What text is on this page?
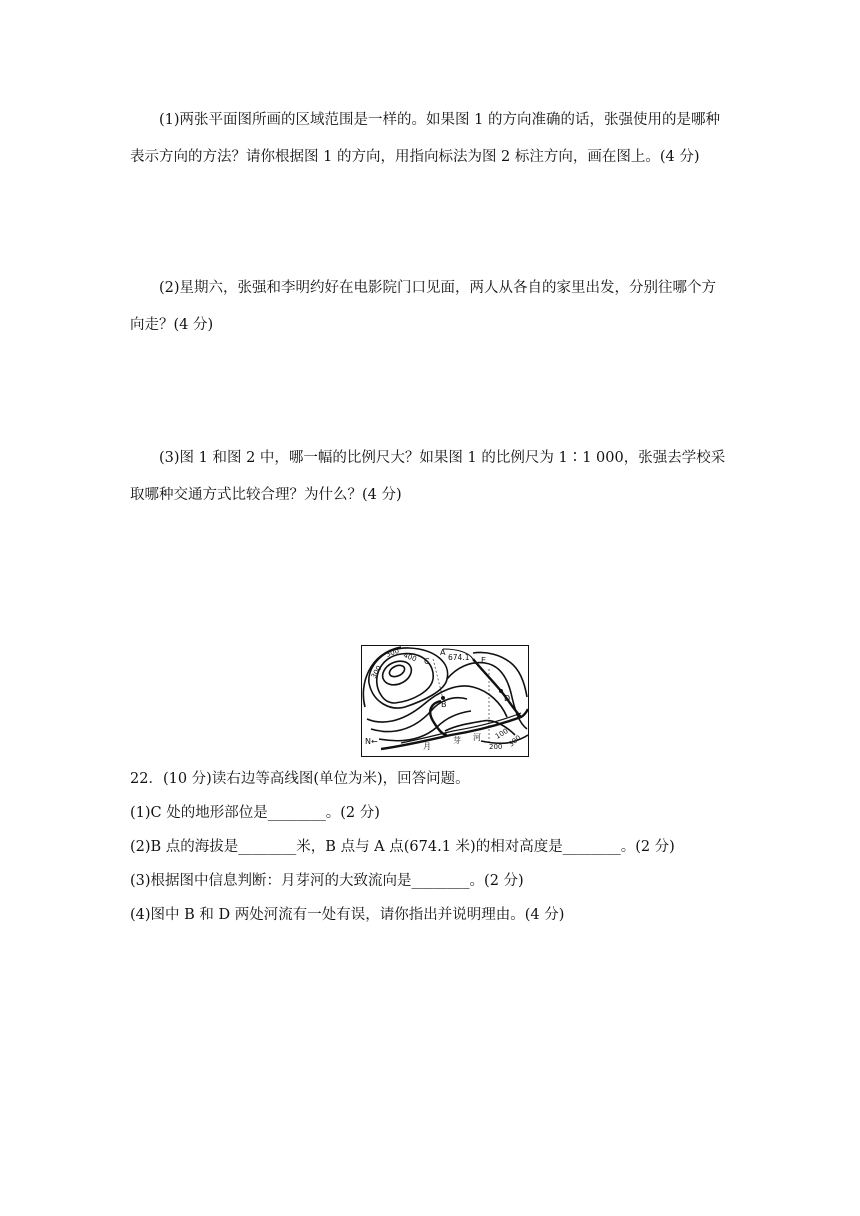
(1)两张平面图所画的区域范围是一样的。如果图 1 的方向准确的话，张强使用的是哪种表示方向的方法？请你根据图 1 的方向，用指向标法为图 2 标注方向，画在图上。(4 分)

(2)星期六，张强和李明约好在电影院门口见面，两人从各自的家里出发，分别往哪个方向走？(4 分)

(3)图 1 和图 2 中，哪一幅的比例尺大？如果图 1 的比例尺为 1∶1 000，张强去学校采取哪种交通方式比较合理？为什么？(4 分)

300
300 400
100
200 300
674.1
A
B
C
D
E
N←
月
芽 河

22．(10 分)读右边等高线图(单位为米)，回答问题。

(1)C 处的地形部位是________。(2 分)

(2)B 点的海拔是________米，B 点与 A 点(674.1 米)的相对高度是________。(2 分)

(3)根据图中信息判断：月芽河的大致流向是________。(2 分)

(4)图中 B 和 D 两处河流有一处有误，请你指出并说明理由。(4 分)
